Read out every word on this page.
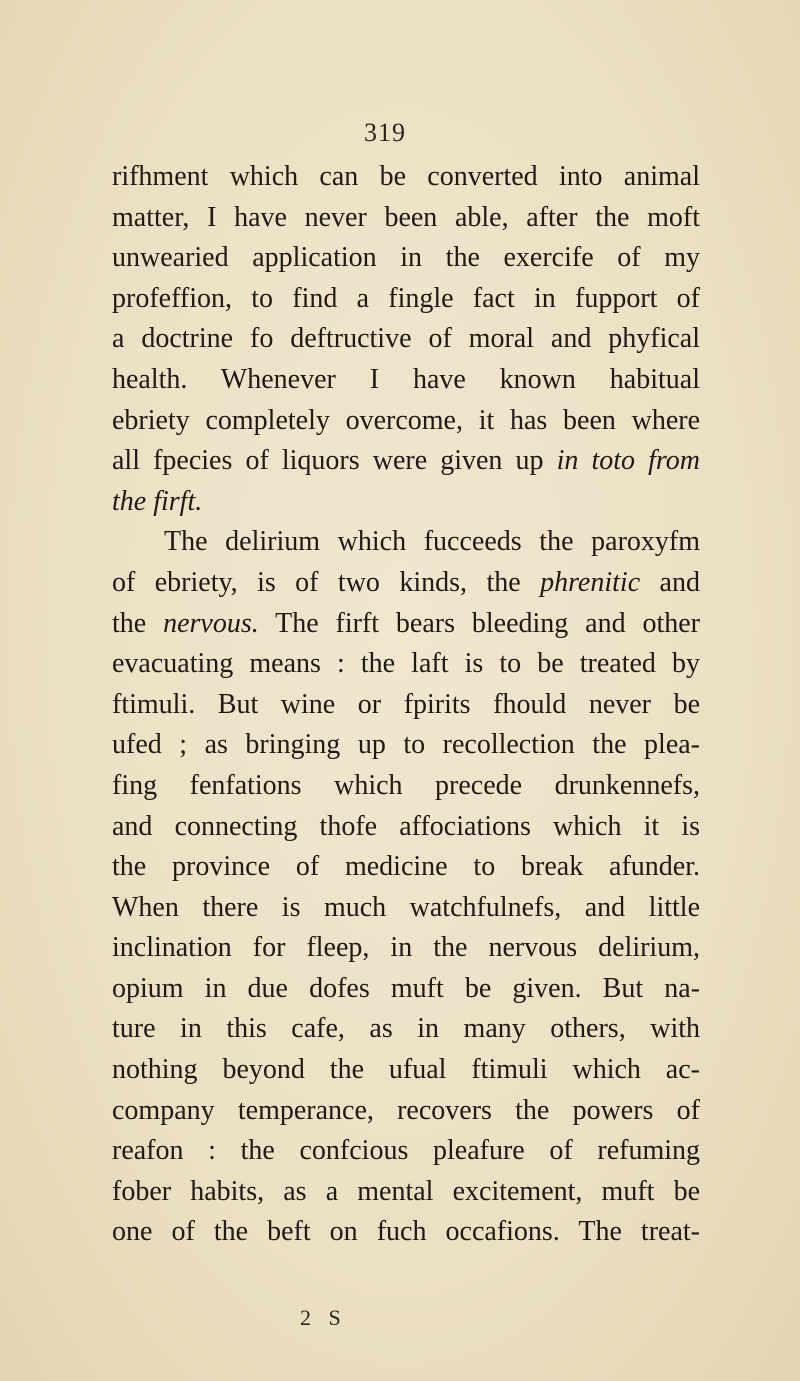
319
rifhment which can be converted into animal
matter, I have never been able, after the moft
unwearied application in the exercife of my
profeffion, to find a fingle fact in fupport of
a doctrine fo deftructive of moral and phyfical
health. Whenever I have known habitual
ebriety completely overcome, it has been where
all fpecies of liquors were given up in toto from
the firft.
The delirium which fucceeds the paroxyfm
of ebriety, is of two kinds, the phrenitic and
the nervous. The firft bears bleeding and other
evacuating means : the laft is to be treated by
ftimuli. But wine or fpirits fhould never be
ufed ; as bringing up to recollection the plea-
fing fenfations which precede drunkennefs,
and connecting thofe affociations which it is
the province of medicine to break afunder.
When there is much watchfulnefs, and little
inclination for fleep, in the nervous delirium,
opium in due dofes muft be given. But na-
ture in this cafe, as in many others, with
nothing beyond the ufual ftimuli which ac-
company temperance, recovers the powers of
reafon : the confcious pleafure of refuming
fober habits, as a mental excitement, muft be
one of the beft on fuch occafions. The treat-
2 S
